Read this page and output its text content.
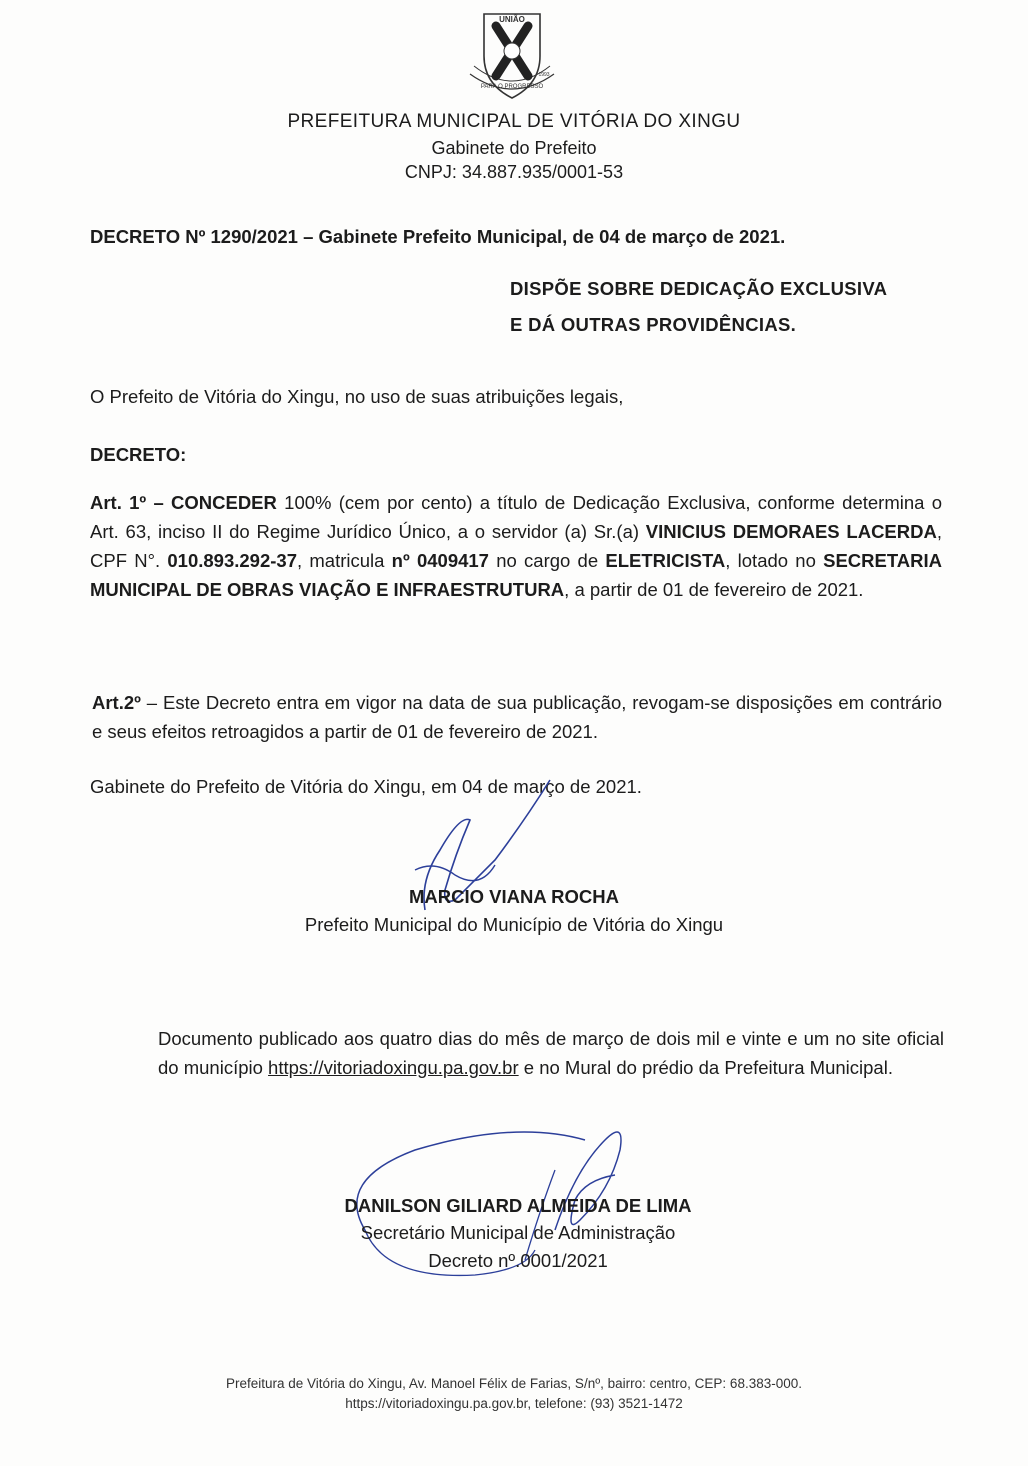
UNIÃO
PARA O PROGRESSO
1993
PREFEITURA MUNICIPAL DE VITÓRIA DO XINGU
Gabinete do Prefeito
CNPJ: 34.887.935/0001-53
DECRETO Nº 1290/2021 – Gabinete Prefeito Municipal, de 04 de março de 2021.
DISPÕE SOBRE DEDICAÇÃO EXCLUSIVA
E DÁ OUTRAS PROVIDÊNCIAS.
O Prefeito de Vitória do Xingu, no uso de suas atribuições legais,
DECRETO:
Art. 1º – CONCEDER 100% (cem por cento) a título de Dedicação Exclusiva, conforme determina o Art. 63, inciso II do Regime Jurídico Único, a o servidor (a) Sr.(a) VINICIUS DEMORAES LACERDA, CPF N°. 010.893.292-37, matricula nº 0409417 no cargo de ELETRICISTA, lotado no SECRETARIA MUNICIPAL DE OBRAS VIAÇÃO E INFRAESTRUTURA, a partir de 01 de fevereiro de 2021.
Art.2º – Este Decreto entra em vigor na data de sua publicação, revogam-se disposições em contrário e seus efeitos retroagidos a partir de 01 de fevereiro de 2021.
Gabinete do Prefeito de Vitória do Xingu, em 04 de março de 2021.
MARCIO VIANA ROCHA
Prefeito Municipal do Município de Vitória do Xingu
Documento publicado aos quatro dias do mês de março de dois mil e vinte e um no site oficial do município https://vitoriadoxingu.pa.gov.br e no Mural do prédio da Prefeitura Municipal.
DANILSON GILIARD ALMEIDA DE LIMA
Secretário Municipal de Administração
Decreto nº.0001/2021
Prefeitura de Vitória do Xingu, Av. Manoel Félix de Farias, S/nº, bairro: centro, CEP: 68.383-000.
https://vitoriadoxingu.pa.gov.br, telefone: (93) 3521-1472
